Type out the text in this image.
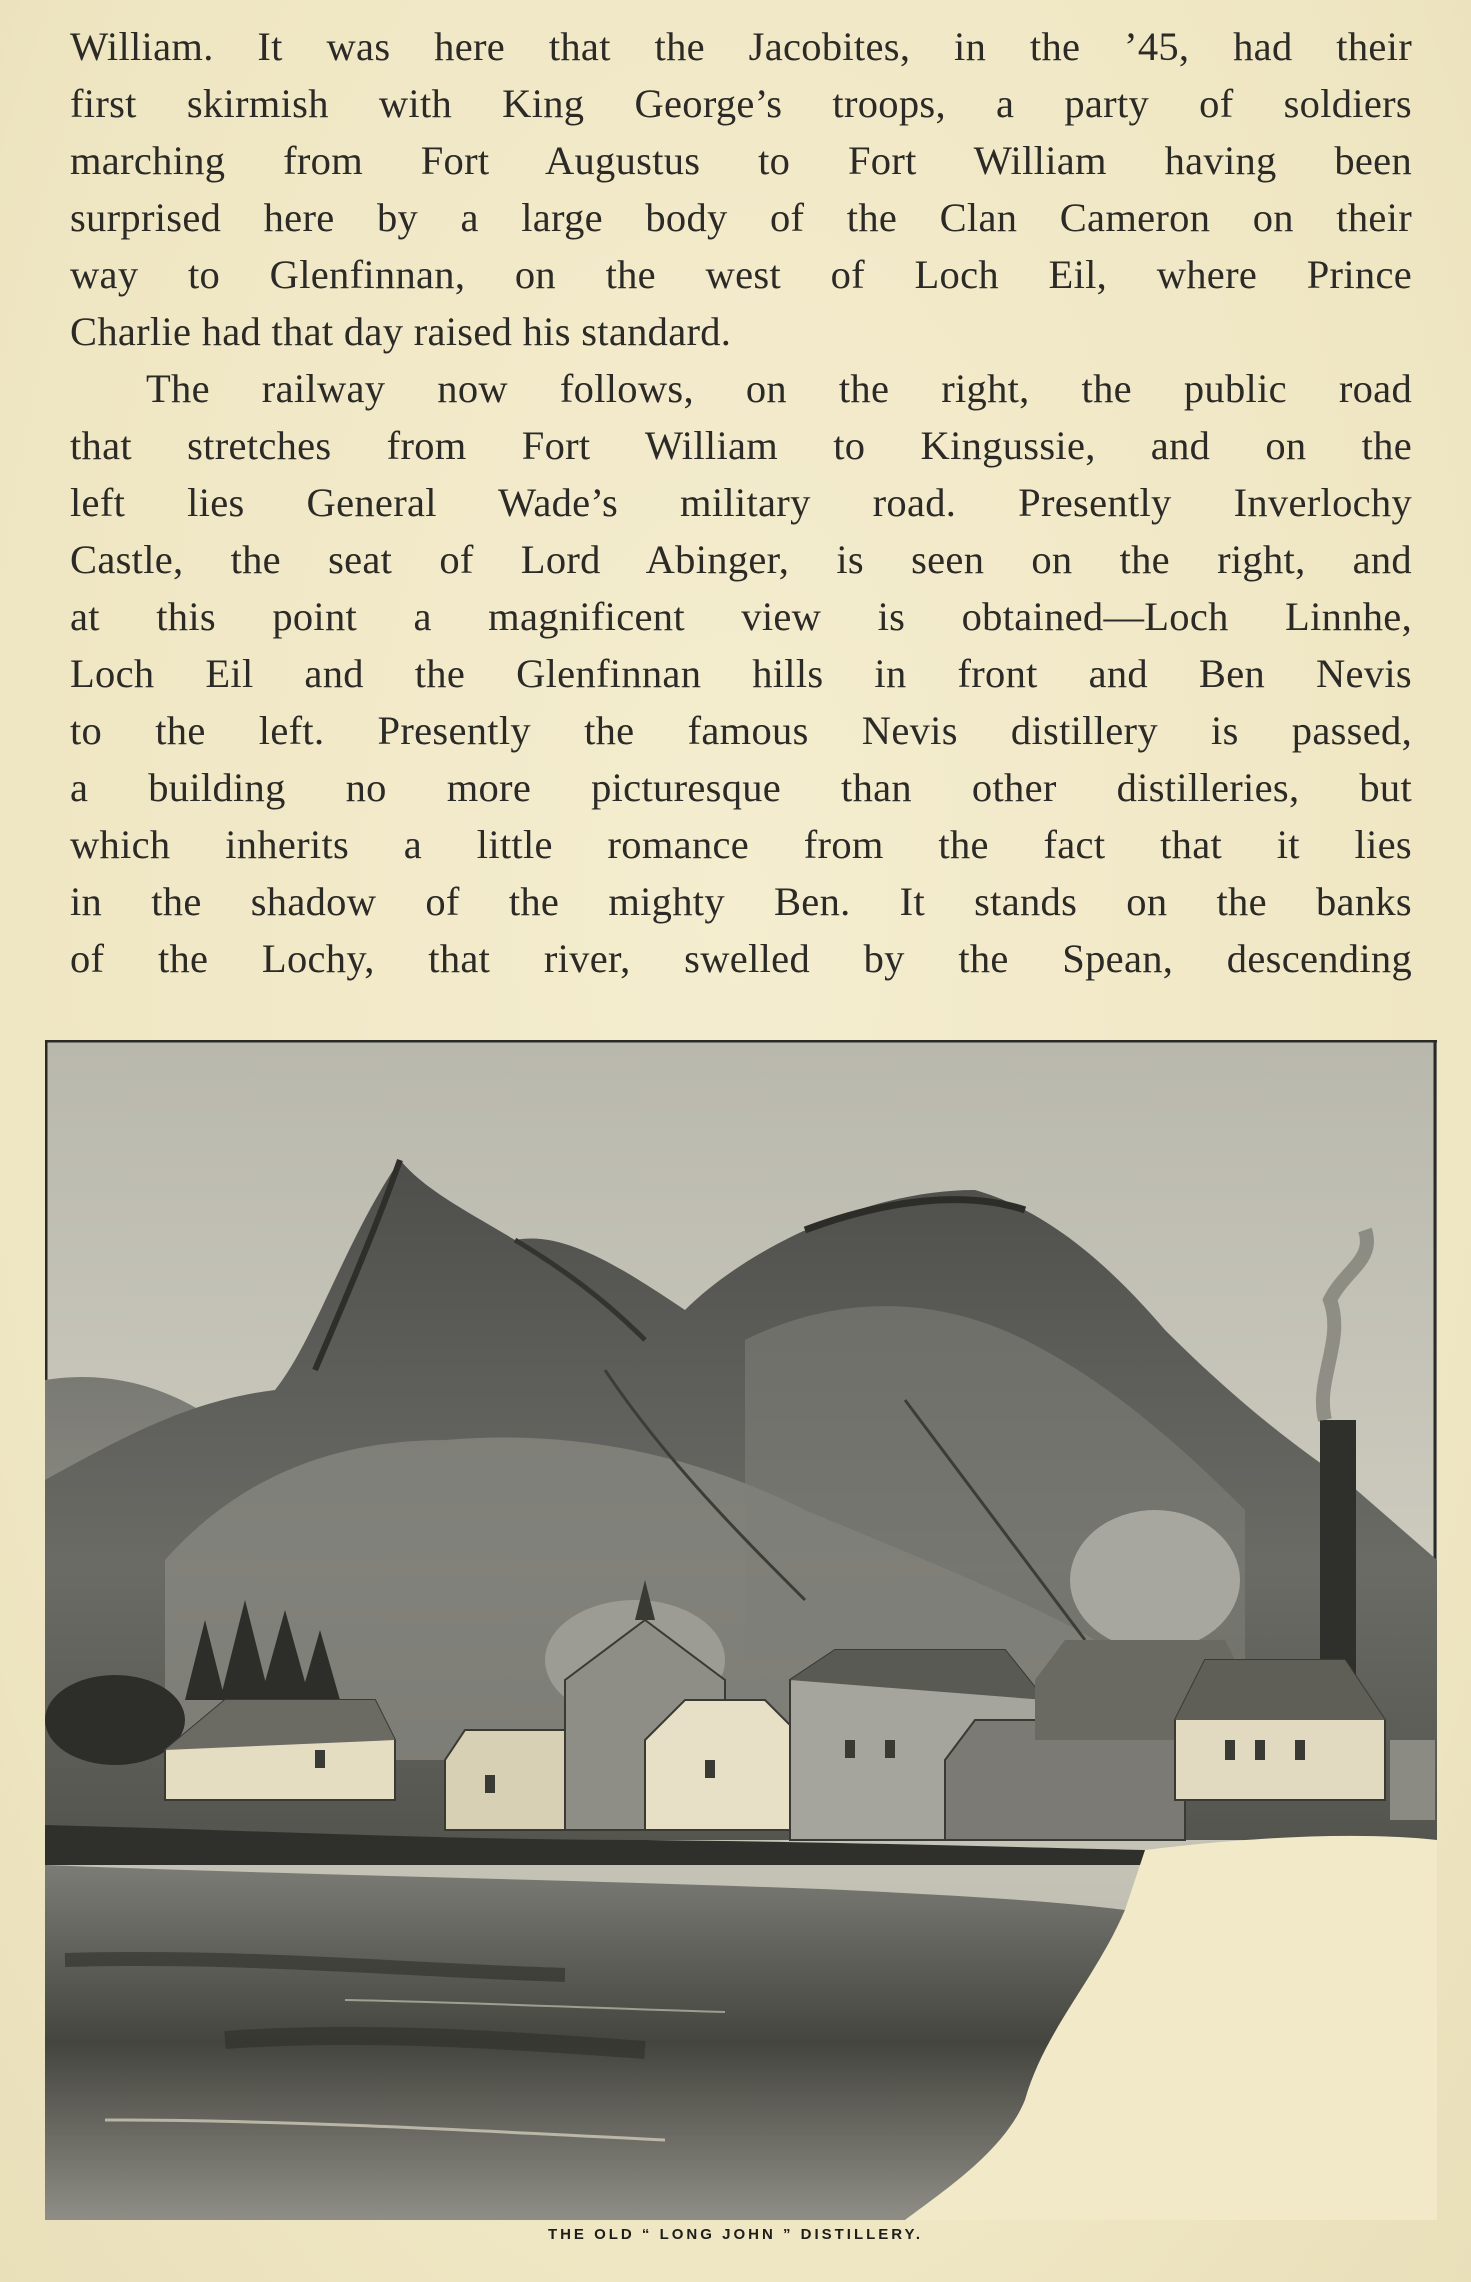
William. It was here that the Jacobites, in the ’45, had their
first skirmish with King George’s troops, a party of soldiers
marching from Fort Augustus to Fort William having been
surprised here by a large body of the Clan Cameron on their
way to Glenfinnan, on the west of Loch Eil, where Prince
Charlie had that day raised his standard.
The railway now follows, on the right, the public road
that stretches from Fort William to Kingussie, and on the
left lies General Wade’s military road. Presently Inverlochy
Castle, the seat of Lord Abinger, is seen on the right, and
at this point a magnificent view is obtained—Loch Linnhe,
Loch Eil and the Glenfinnan hills in front and Ben Nevis
to the left. Presently the famous Nevis distillery is passed,
a building no more picturesque than other distilleries, but
which inherits a little romance from the fact that it lies
in the shadow of the mighty Ben. It stands on the banks
of the Lochy, that river, swelled by the Spean, descending
THE OLD “ LONG JOHN ” DISTILLERY.
